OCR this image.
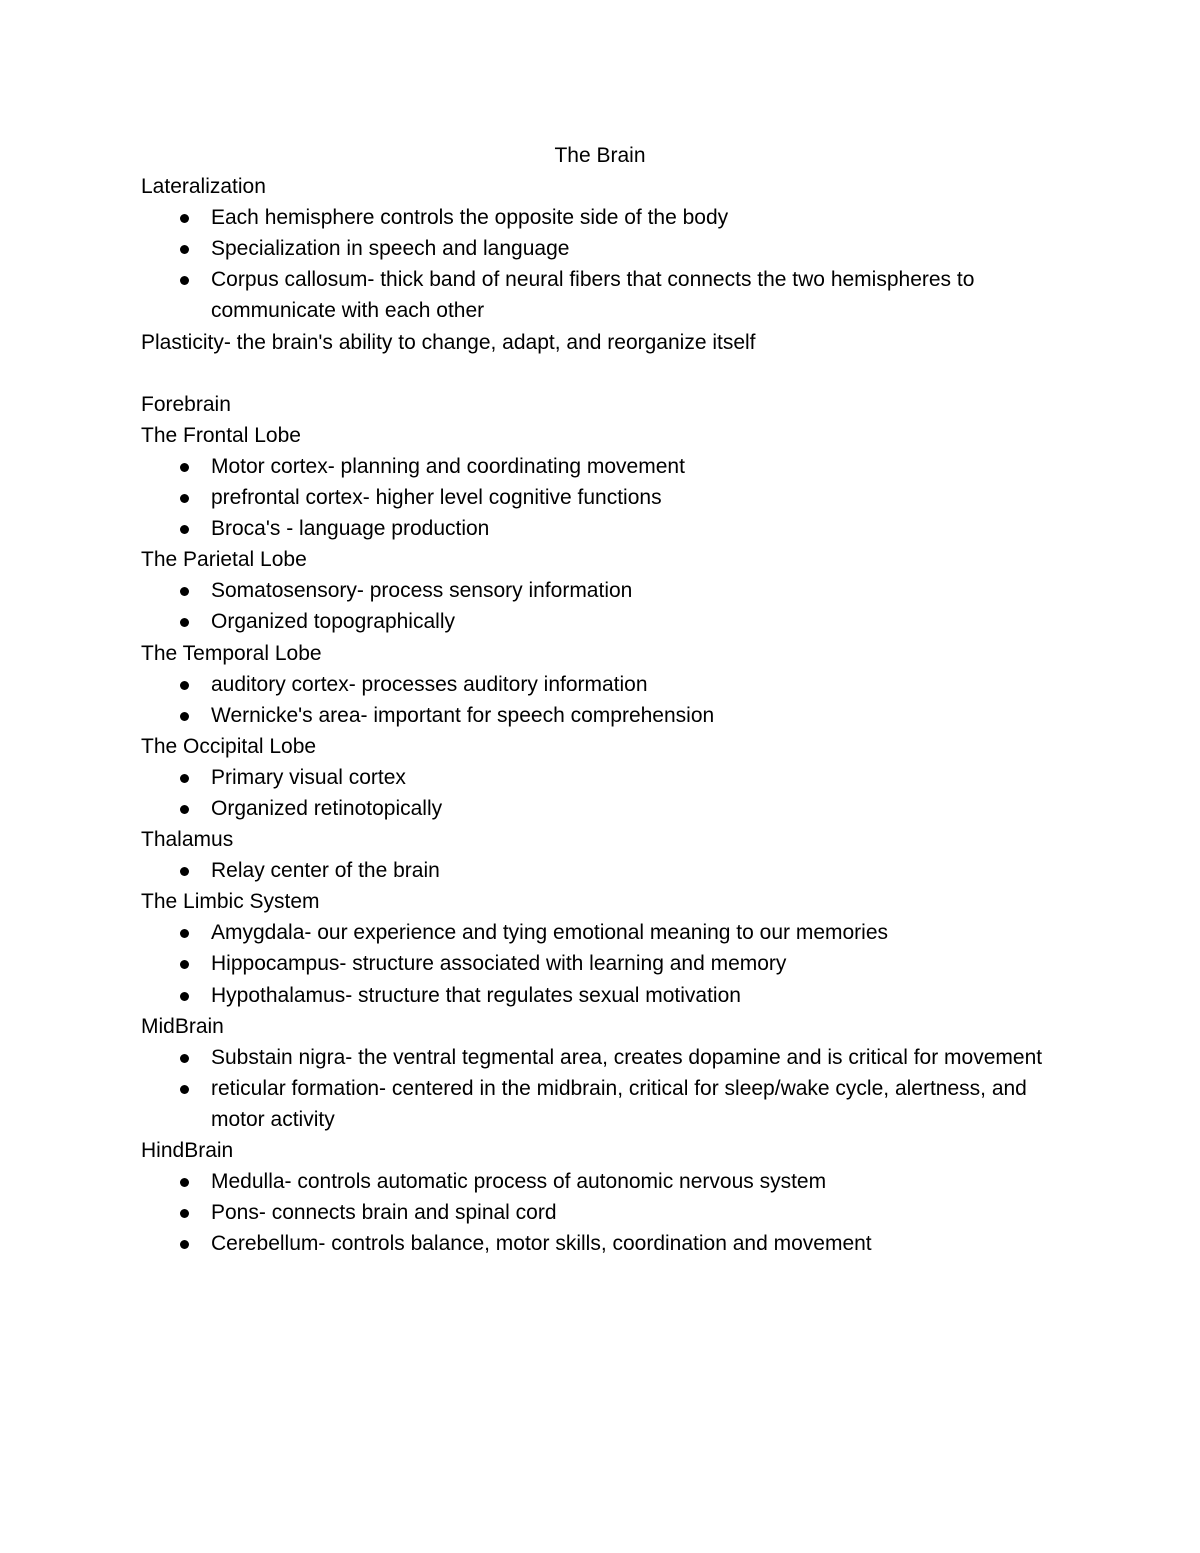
The Brain

Lateralization

Each hemisphere controls the opposite side of the body
Specialization in speech and language
Corpus callosum- thick band of neural fibers that connects the two hemispheres to communicate with each other

Plasticity- the brain's ability to change, adapt, and reorganize itself

Forebrain

The Frontal Lobe

Motor cortex- planning and coordinating movement
prefrontal cortex- higher level cognitive functions
Broca's - language production

The Parietal Lobe

Somatosensory- process sensory information
Organized topographically

The Temporal Lobe

auditory cortex- processes auditory information
Wernicke's area- important for speech comprehension

The Occipital Lobe

Primary visual cortex
Organized retinotopically

Thalamus

Relay center of the brain

The Limbic System

Amygdala- our experience and tying emotional meaning to our memories
Hippocampus- structure associated with learning and memory
Hypothalamus- structure that regulates sexual motivation

MidBrain

Substain nigra- the ventral tegmental area, creates dopamine and is critical for movement
reticular formation- centered in the midbrain, critical for sleep/wake cycle, alertness, and motor activity

HindBrain

Medulla- controls automatic process of autonomic nervous system
Pons- connects brain and spinal cord
Cerebellum- controls balance, motor skills, coordination and movement
